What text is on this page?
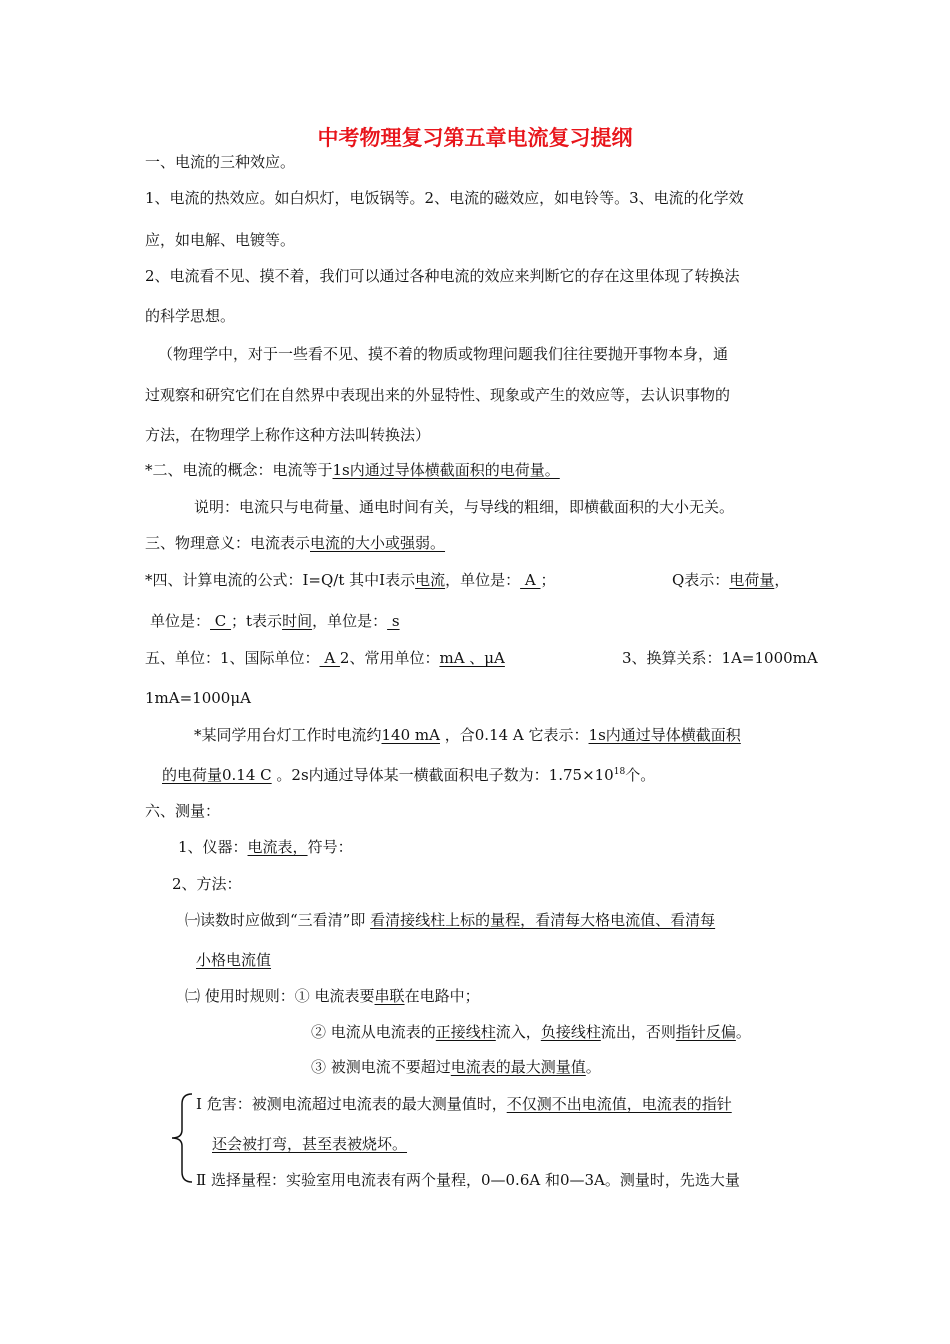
中考物理复习第五章电流复习提纲
一、电流的三种效应。
1、电流的热效应。如白炽灯，电饭锅等。2、电流的磁效应，如电铃等。3、电流的化学效
应，如电解、电镀等。
2、电流看不见、摸不着，我们可以通过各种电流的效应来判断它的存在这里体现了转换法
的科学思想。
（物理学中，对于一些看不见、摸不着的物质或物理问题我们往往要抛开事物本身，通
过观察和研究它们在自然界中表现出来的外显特性、现象或产生的效应等，去认识事物的
方法，在物理学上称作这种方法叫转换法）
*二、电流的概念：电流等于1s内通过导体横截面积的电荷量。
说明：电流只与电荷量、通电时间有关，与导线的粗细，即横截面积的大小无关。
三、物理意义：电流表示电流的大小或强弱。
*四、计算电流的公式：I=Q/t 其中I表示电流，单位是： A ；	Q表示：电荷量，
单位是： C ；t表示时间，单位是： s
五、单位：1、国际单位： A 2、常用单位：mA 、μA	3、换算关系：1A=1000mA
1mA=1000μA
*某同学用台灯工作时电流约140 mA ，合0.14 A 它表示：1s内通过导体横截面积
的电荷量0.14 C 。2s内通过导体某一横截面积电子数为：$1.75\times 10^{18}$个。
六、测量：
1、仪器：电流表，符号：
2、方法：
㈠读数时应做到“三看清”即 看清接线柱上标的量程，看清每大格电流值、看清每
小格电流值
㈡ 使用时规则：① 电流表要串联在电路中；
② 电流从电流表的正接线柱流入，负接线柱流出，否则指针反偏。
③ 被测电流不要超过电流表的最大测量值。
Ⅰ 危害：被测电流超过电流表的最大测量值时，不仅测不出电流值，电流表的指针
还会被打弯，甚至表被烧坏。
Ⅱ 选择量程：实验室用电流表有两个量程，0—0.6A 和0—3A。测量时，先选大量
